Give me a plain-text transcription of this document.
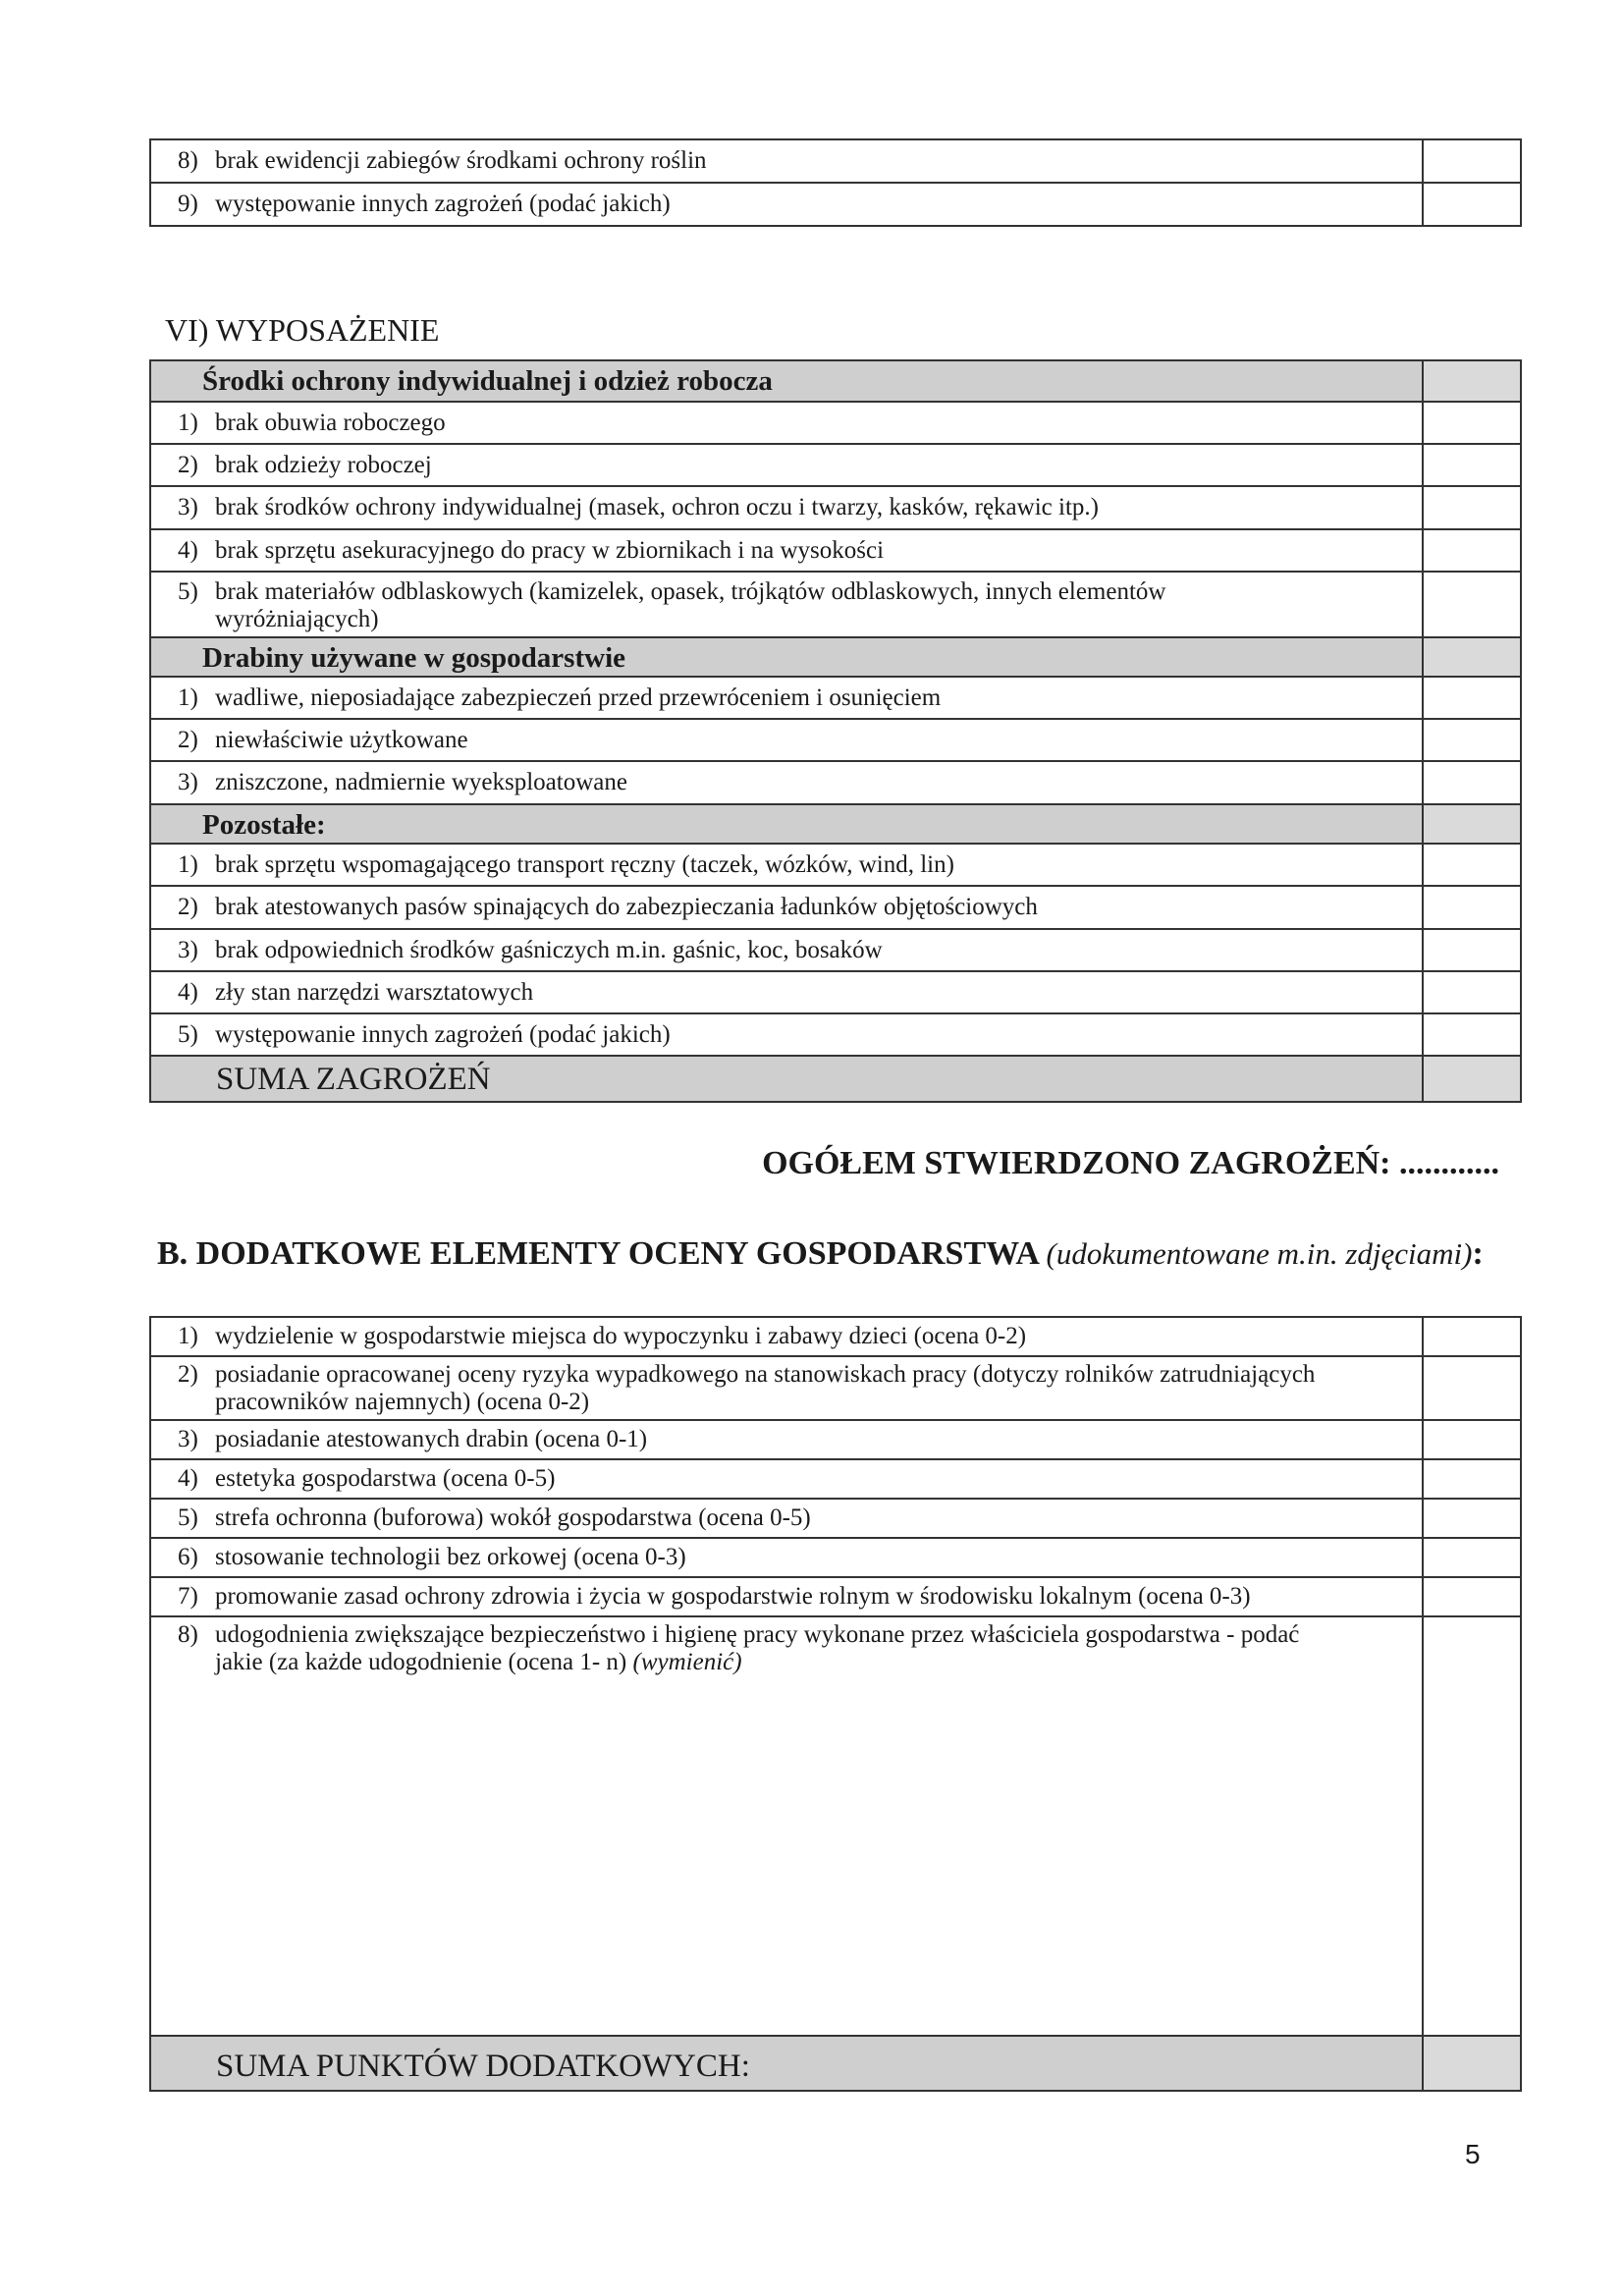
8) brak ewidencji zabiegów środkami ochrony roślin	
9) występowanie innych zagrożeń (podać jakich)	
VI) WYPOSAŻENIE
Środki ochrony indywidualnej i odzież robocza	
1) brak obuwia roboczego	
2) brak odzieży roboczej	
3) brak środków ochrony indywidualnej (masek, ochron oczu i twarzy, kasków, rękawic itp.)	
4) brak sprzętu asekuracyjnego do pracy w zbiornikach i na wysokości	
5) brak materiałów odblaskowych (kamizelek, opasek, trójkątów odblaskowych, innych elementów wyróżniających)	
Drabiny używane w gospodarstwie	
1) wadliwe, nieposiadające zabezpieczeń przed przewróceniem i osunięciem	
2) niewłaściwie użytkowane	
3) zniszczone, nadmiernie wyeksploatowane	
Pozostałe:	
1) brak sprzętu wspomagającego transport ręczny (taczek, wózków, wind, lin)	
2) brak atestowanych pasów spinających do zabezpieczania ładunków objętościowych	
3) brak odpowiednich środków gaśniczych m.in. gaśnic, koc, bosaków	
4) zły stan narzędzi warsztatowych	
5) występowanie innych zagrożeń (podać jakich)	
SUMA ZAGROŻEŃ	
OGÓŁEM STWIERDZONO ZAGROŻEŃ: ............
B. DODATKOWE ELEMENTY OCENY GOSPODARSTWA (udokumentowane m.in. zdjęciami):
1) wydzielenie w gospodarstwie miejsca do wypoczynku i zabawy dzieci (ocena 0-2)	
2) posiadanie opracowanej oceny ryzyka wypadkowego na stanowiskach pracy (dotyczy rolników zatrudniających pracowników najemnych) (ocena 0-2)	
3) posiadanie atestowanych drabin (ocena 0-1)	
4) estetyka gospodarstwa (ocena 0-5)	
5) strefa ochronna (buforowa) wokół gospodarstwa (ocena 0-5)	
6) stosowanie technologii bez orkowej (ocena 0-3)	
7) promowanie zasad ochrony zdrowia i życia w gospodarstwie rolnym w środowisku lokalnym (ocena 0-3)	
8) udogodnienia zwiększające bezpieczeństwo i higienę pracy wykonane przez właściciela gospodarstwa - podać jakie (za każde udogodnienie (ocena 1- n) (wymienić)	
SUMA PUNKTÓW DODATKOWYCH:	
5
